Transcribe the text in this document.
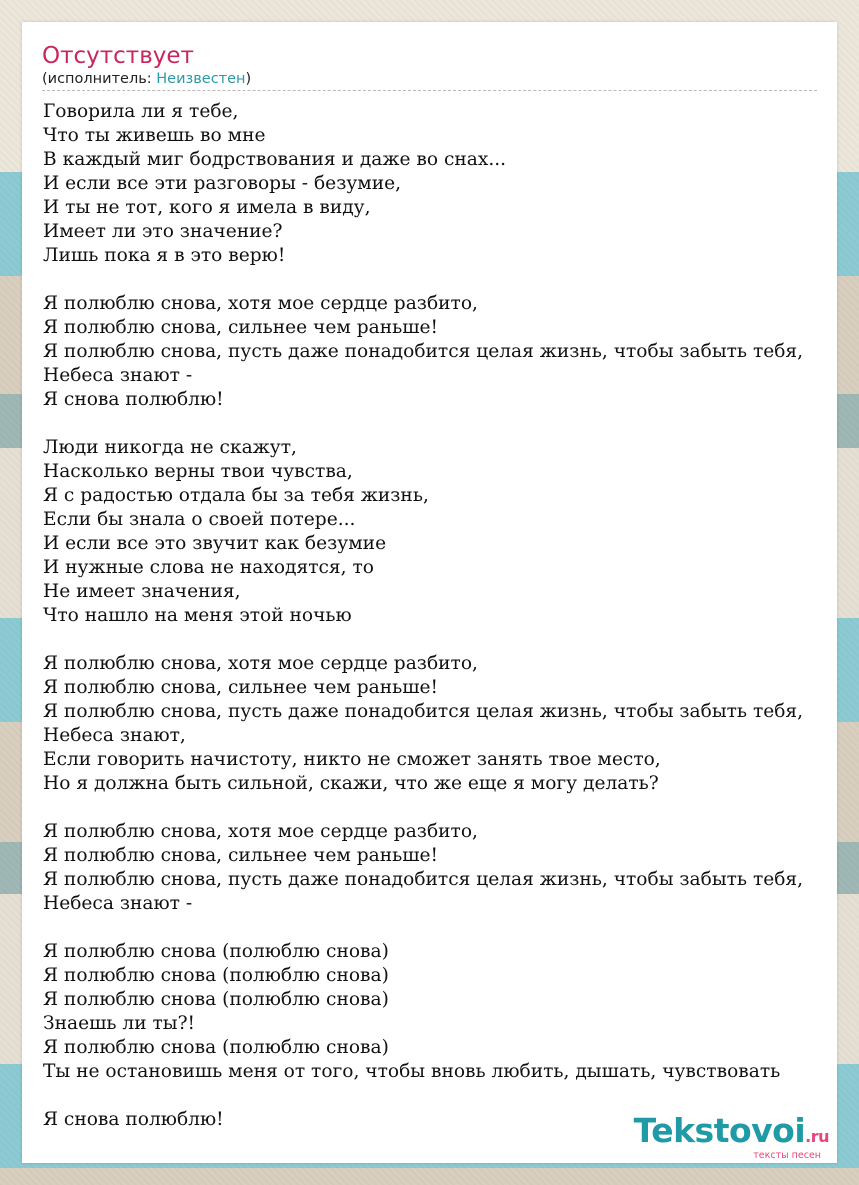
Отсутствует
(исполнитель: Неизвестен)
Говорила ли я тебе,
Что ты живешь во мне
В каждый миг бодрствования и даже во снах...
И если все эти разговоры - безумие,
И ты не тот, кого я имела в виду,
Имеет ли это значение?
Лишь пока я в это верю!
Я полюблю снова, хотя мое сердце разбито,
Я полюблю снова, сильнее чем раньше!
Я полюблю снова, пусть даже понадобится целая жизнь, чтобы забыть тебя,
Небеса знают -
Я снова полюблю!
Люди никогда не скажут,
Насколько верны твои чувства,
Я с радостью отдала бы за тебя жизнь,
Если бы знала о своей потере...
И если все это звучит как безумие
И нужные слова не находятся, то
Не имеет значения,
Что нашло на меня этой ночью
Я полюблю снова, хотя мое сердце разбито,
Я полюблю снова, сильнее чем раньше!
Я полюблю снова, пусть даже понадобится целая жизнь, чтобы забыть тебя,
Небеса знают,
Если говорить начистоту, никто не сможет занять твое место,
Но я должна быть сильной, скажи, что же еще я могу делать?
Я полюблю снова, хотя мое сердце разбито,
Я полюблю снова, сильнее чем раньше!
Я полюблю снова, пусть даже понадобится целая жизнь, чтобы забыть тебя,
Небеса знают -
Я полюблю снова (полюблю снова)
Я полюблю снова (полюблю снова)
Я полюблю снова (полюблю снова)
Знаешь ли ты?!
Я полюблю снова (полюблю снова)
Ты не остановишь меня от того, чтобы вновь любить, дышать, чувствовать
Я снова полюблю!	Tekstovoi.ru
тексты песен
